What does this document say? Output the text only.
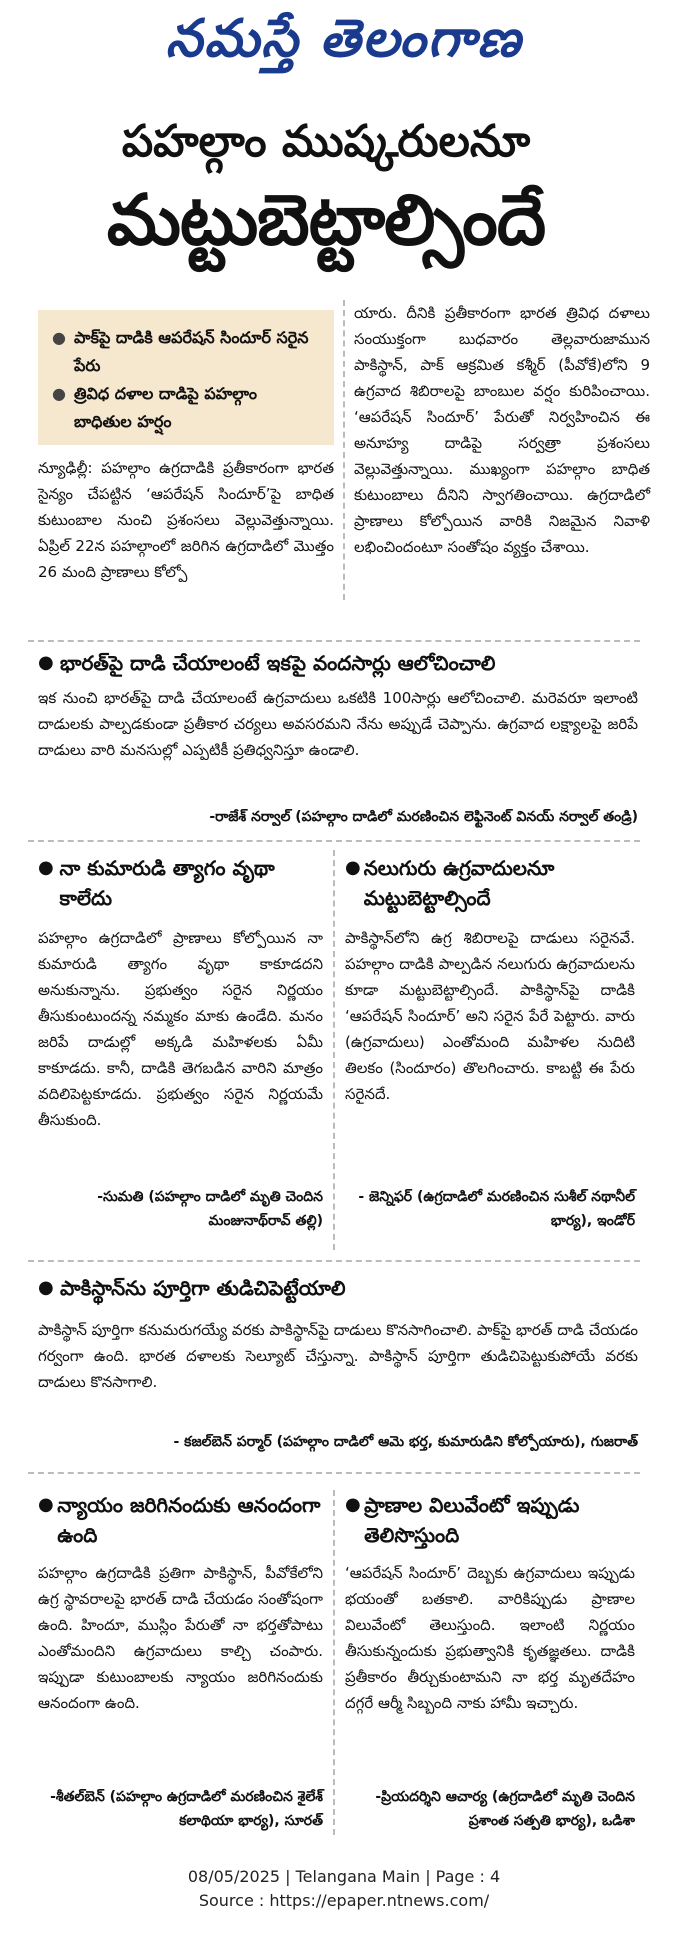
నమస్తే తెలంగాణ
పహల్గాం ముష్కరులనూ
మట్టుబెట్టాల్సిందే
● పాక్‌పై దాడికి ఆపరేషన్ సిందూర్ సరైన పేరు
● త్రివిధ దళాల దాడిపై పహల్గాం బాధితుల హర్షం
న్యూఢిల్లీ: పహల్గాం ఉగ్రదాడికి ప్రతీకారంగా భారత సైన్యం చేపట్టిన ‘ఆపరేషన్ సిందూర్’పై బాధిత కుటుంబాల నుంచి ప్రశంసలు వెల్లువెత్తున్నాయి. ఏప్రిల్ 22న పహల్గాంలో జరిగిన ఉగ్రదాడిలో మొత్తం 26 మంది ప్రాణాలు కోల్పో
యారు. దీనికి ప్రతీకారంగా భారత త్రివిధ దళాలు సంయుక్తంగా బుధవారం తెల్లవారుజామున పాకిస్థాన్, పాక్ ఆక్రమిత కశ్మీర్ (పీవోకే)లోని 9 ఉగ్రవాద శిబిరాలపై బాంబుల వర్షం కురిపించాయి. ‘ఆపరేషన్ సిందూర్’ పేరుతో నిర్వహించిన ఈ అనూహ్య దాడిపై సర్వత్రా ప్రశంసలు వెల్లువెత్తున్నాయి. ముఖ్యంగా పహల్గాం బాధిత కుటుంబాలు దీనిని స్వాగతించాయి. ఉగ్రదాడిలో ప్రాణాలు కోల్పోయిన వారికి నిజమైన నివాళి లభించిందంటూ సంతోషం వ్యక్తం చేశాయి.
● భారత్‌పై దాడి చేయాలంటే ఇకపై వందసార్లు ఆలోచించాలి
ఇక నుంచి భారత్‌పై దాడి చేయాలంటే ఉగ్రవాదులు ఒకటికి 100సార్లు ఆలోచించాలి. మరెవరూ ఇలాంటి దాడులకు పాల్పడకుండా ప్రతీకార చర్యలు అవసరమని నేను అప్పుడే చెప్పాను. ఉగ్రవాద లక్ష్యాలపై జరిపే దాడులు వారి మనసుల్లో ఎప్పటికీ ప్రతిధ్వనిస్తూ ఉండాలి.
-రాజేశ్ నర్వాల్ (పహల్గాం దాడిలో మరణించిన లెఫ్టినెంట్ వినయ్ నర్వాల్ తండ్రి)
● నా కుమారుడి త్యాగం వృథా కాలేదు
పహల్గాం ఉగ్రదాడిలో ప్రాణాలు కోల్పోయిన నా కుమారుడి త్యాగం వృథా కాకూడదని అనుకున్నాను. ప్రభుత్వం సరైన నిర్ణయం తీసుకుంటుందన్న నమ్మకం మాకు ఉండేది. మనం జరిపే దాడుల్లో అక్కడి మహిళలకు ఏమీ కాకూడదు. కానీ, దాడికి తెగబడిన వారిని మాత్రం వదిలిపెట్టకూడదు. ప్రభుత్వం సరైన నిర్ణయమే తీసుకుంది.
-సుమతి (పహల్గాం దాడిలో మృతి చెందిన మంజునాథ్‌రావ్ తల్లి)
● నలుగురు ఉగ్రవాదులనూ మట్టుబెట్టాల్సిందే
పాకిస్థాన్‌లోని ఉగ్ర శిబిరాలపై దాడులు సరైనవే. పహల్గాం దాడికి పాల్పడిన నలుగురు ఉగ్రవాదులను కూడా మట్టుబెట్టాల్సిందే. పాకిస్థాన్‌పై దాడికి ‘ఆపరేషన్ సిందూర్’ అని సరైన పేరే పెట్టారు. వారు (ఉగ్రవాదులు) ఎంతోమంది మహిళల నుదిటి తిలకం (సిందూరం) తొలగించారు. కాబట్టి ఈ పేరు సరైనదే.
- జెన్నిఫర్ (ఉగ్రదాడిలో మరణించిన సుశీల్ నథానీల్ భార్య), ఇండోర్
● పాకిస్థాన్‌ను పూర్తిగా తుడిచిపెట్టేయాలి
పాకిస్థాన్ పూర్తిగా కనుమరుగయ్యే వరకు పాకిస్థాన్‌పై దాడులు కొనసాగించాలి. పాక్‌పై భారత్ దాడి చేయడం గర్వంగా ఉంది. భారత దళాలకు సెల్యూట్ చేస్తున్నా. పాకిస్థాన్ పూర్తిగా తుడిచిపెట్టుకుపోయే వరకు దాడులు కొనసాగాలి.
- కజల్‌బెన్ పర్మార్ (పహల్గాం దాడిలో ఆమె భర్త, కుమారుడిని కోల్పోయారు), గుజరాత్
● న్యాయం జరిగినందుకు ఆనందంగా ఉంది
పహల్గాం ఉగ్రదాడికి ప్రతిగా పాకిస్థాన్, పీవోకేలోని ఉగ్ర స్థావరాలపై భారత్ దాడి చేయడం సంతోషంగా ఉంది. హిందూ, ముస్లిం పేరుతో నా భర్తతోపాటు ఎంతోమందిని ఉగ్రవాదులు కాల్చి చంపారు. ఇప్పుడా కుటుంబాలకు న్యాయం జరిగినందుకు ఆనందంగా ఉంది.
-శీతల్‌బెన్ (పహల్గాం ఉగ్రదాడిలో మరణించిన శైలేశ్ కలాథియా భార్య), సూరత్
● ప్రాణాల విలువేంటో ఇప్పుడు తెలిసొస్తుంది
‘ఆపరేషన్ సిందూర్’ దెబ్బకు ఉగ్రవాదులు ఇప్పుడు భయంతో బతకాలి. వారికిప్పుడు ప్రాణాల విలువేంటో తెలుస్తుంది. ఇలాంటి నిర్ణయం తీసుకున్నందుకు ప్రభుత్వానికి కృతజ్ఞతలు. దాడికి ప్రతీకారం తీర్చుకుంటామని నా భర్త మృతదేహం దగ్గరే ఆర్మీ సిబ్బంది నాకు హామీ ఇచ్చారు.
-ప్రియదర్శిని ఆచార్య (ఉగ్రదాడిలో మృతి చెందిన ప్రశాంత సత్పతి భార్య), ఒడిశా
08/05/2025 | Telangana Main | Page : 4
Source : https://epaper.ntnews.com/
